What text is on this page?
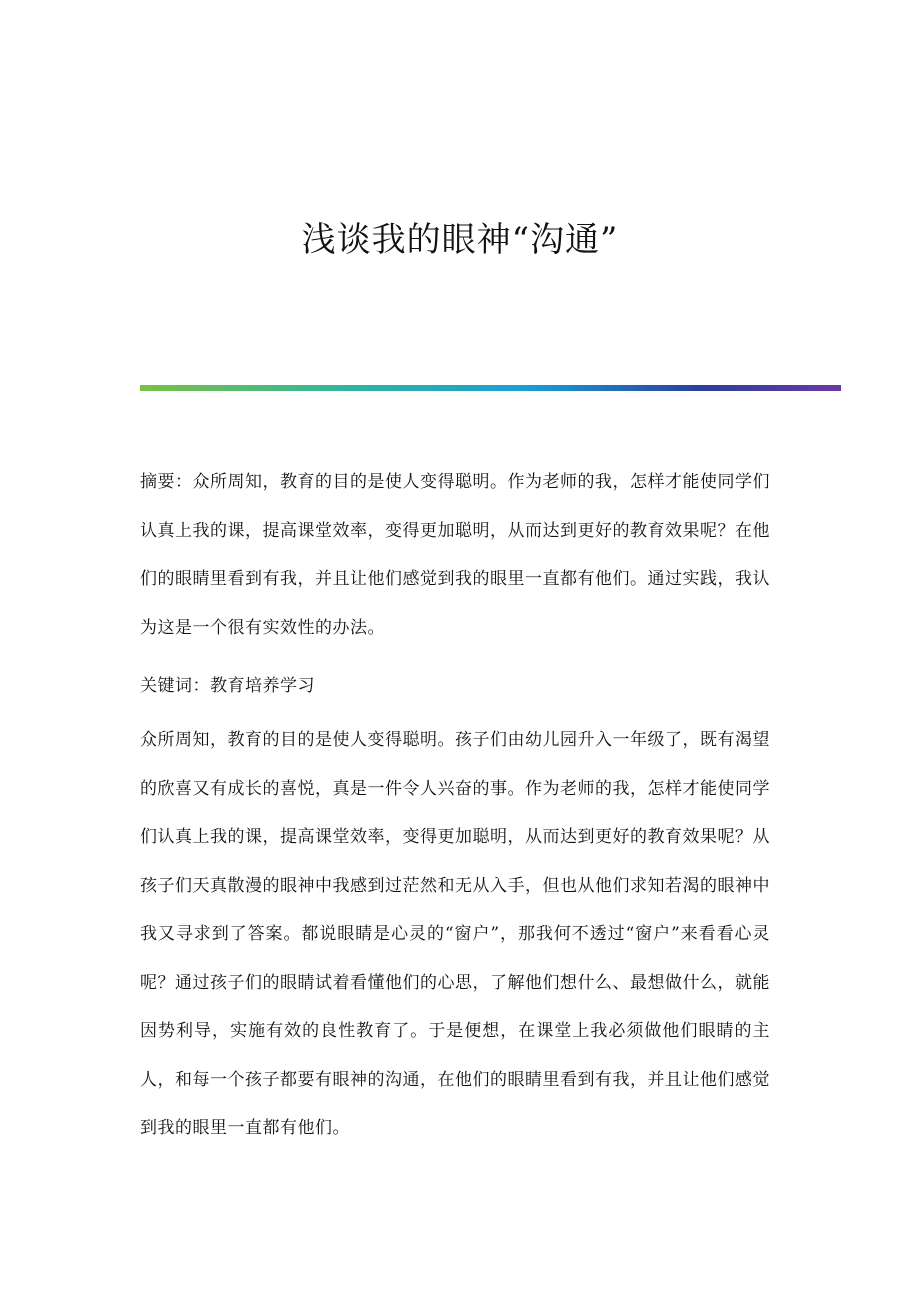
浅谈我的眼神“沟通”
摘要：众所周知，教育的目的是使人变得聪明。作为老师的我，怎样才能使同学们认真上我的课，提高课堂效率，变得更加聪明，从而达到更好的教育效果呢？在他们的眼睛里看到有我，并且让他们感觉到我的眼里一直都有他们。通过实践，我认为这是一个很有实效性的办法。
关键词：教育培养学习
众所周知，教育的目的是使人变得聪明。孩子们由幼儿园升入一年级了，既有渴望的欣喜又有成长的喜悦，真是一件令人兴奋的事。作为老师的我，怎样才能使同学们认真上我的课，提高课堂效率，变得更加聪明，从而达到更好的教育效果呢？从孩子们天真散漫的眼神中我感到过茫然和无从入手，但也从他们求知若渴的眼神中我又寻求到了答案。都说眼睛是心灵的“窗户”，那我何不透过“窗户”来看看心灵呢？通过孩子们的眼睛试着看懂他们的心思，了解他们想什么、最想做什么，就能因势利导，实施有效的良性教育了。于是便想，在课堂上我必须做他们眼睛的主人，和每一个孩子都要有眼神的沟通，在他们的眼睛里看到有我，并且让他们感觉到我的眼里一直都有他们。
